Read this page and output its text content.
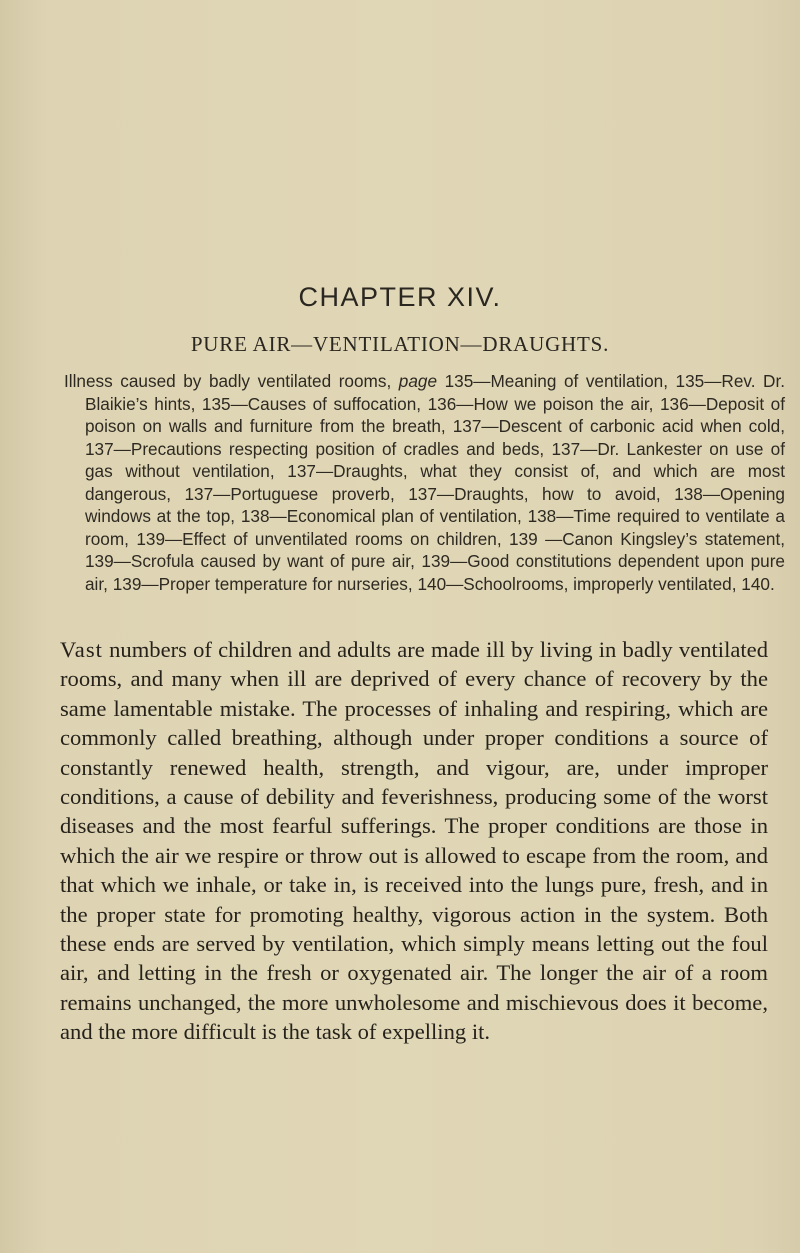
CHAPTER XIV.
PURE AIR—VENTILATION—DRAUGHTS.

Illness caused by badly ventilated rooms, page 135—Meaning of ventilation, 135—Rev. Dr. Blaikie’s hints, 135—Causes of suffocation, 136—How we poison the air, 136—Deposit of poison on walls and furniture from the breath, 137—Descent of carbonic acid when cold, 137—Precautions respecting position of cradles and beds, 137—Dr. Lankester on use of gas without ventilation, 137—Draughts, what they consist of, and which are most dangerous, 137—Portuguese proverb, 137—Draughts, how to avoid, 138—Opening windows at the top, 138—Economical plan of ventilation, 138—Time required to ventilate a room, 139—Effect of unventilated rooms on children, 139 —Canon Kingsley’s statement, 139—Scrofula caused by want of pure air, 139—Good constitutions dependent upon pure air, 139—Proper temperature for nurseries, 140—Schoolrooms, improperly ventilated, 140.

Vast numbers of children and adults are made ill by living in badly ventilated rooms, and many when ill are deprived of every chance of recovery by the same lamentable mistake. The processes of inhaling and respiring, which are commonly called breathing, although under proper conditions a source of constantly renewed health, strength, and vigour, are, under improper conditions, a cause of debility and feverishness, producing some of the worst diseases and the most fearful sufferings. The proper conditions are those in which the air we respire or throw out is allowed to escape from the room, and that which we inhale, or take in, is received into the lungs pure, fresh, and in the proper state for promoting healthy, vigorous action in the system. Both these ends are served by ventilation, which simply means letting out the foul air, and letting in the fresh or oxygenated air. The longer the air of a room remains unchanged, the more unwholesome and mischievous does it become, and the more difficult is the task of expelling it.
